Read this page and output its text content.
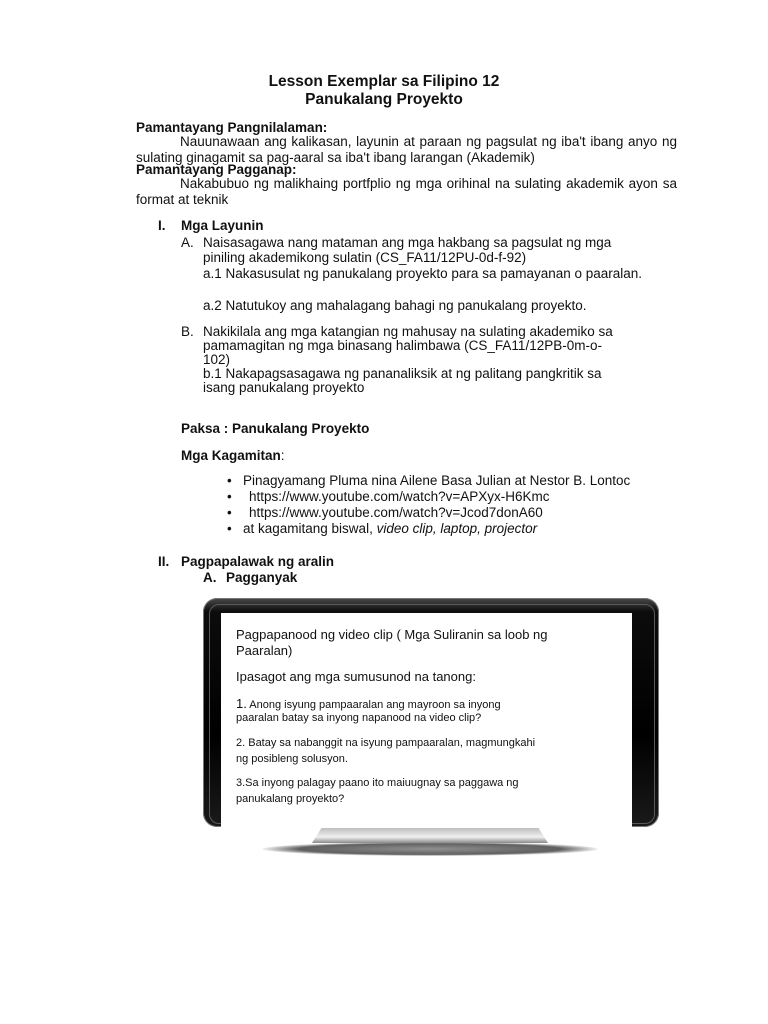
Lesson Exemplar sa Filipino 12
Panukalang Proyekto
Pamantayang Pangnilalaman:
Nauunawaan ang kalikasan, layunin at paraan ng pagsulat ng iba't ibang anyo ng sulating ginagamit sa pag-aaral sa iba't ibang larangan (Akademik)
Pamantayang Pagganap:
Nakabubuo ng malikhaing portfplio ng mga orihinal na sulating akademik ayon sa format at teknik
I. Mga Layunin
A. Naisasagawa nang mataman ang mga hakbang sa pagsulat ng mga
piniling akademikong sulatin (CS_FA11/12PU-0d-f-92)
a.1 Nakasusulat ng panukalang proyekto para sa pamayanan o paaralan.
a.2 Natutukoy ang mahalagang bahagi ng panukalang proyekto.
B. Nakikilala ang mga katangian ng mahusay na sulating akademiko sa
pamamagitan ng mga binasang halimbawa (CS_FA11/12PB-0m-o-
102)
b.1 Nakapagsasagawa ng pananaliksik at ng palitang pangkritik sa
isang panukalang proyekto
Paksa : Panukalang Proyekto
Mga Kagamitan:
• Pinagyamang Pluma nina Ailene Basa Julian at Nestor B. Lontoc
• https://www.youtube.com/watch?v=APXyx-H6Kmc
• https://www.youtube.com/watch?v=Jcod7donA60
• at kagamitang biswal, video clip, laptop, projector
II. Pagpapalawak ng aralin
A. Pagganyak
Pagpapanood ng video clip ( Mga Suliranin sa loob ng
Paaralan)
Ipasagot ang mga sumusunod na tanong:
1. Anong isyung pampaaralan ang mayroon sa inyong
paaralan batay sa inyong napanood na video clip?
2. Batay sa nabanggit na isyung pampaaralan, magmungkahi
ng posibleng solusyon.
3.Sa inyong palagay paano ito maiuugnay sa paggawa ng
panukalang proyekto?
